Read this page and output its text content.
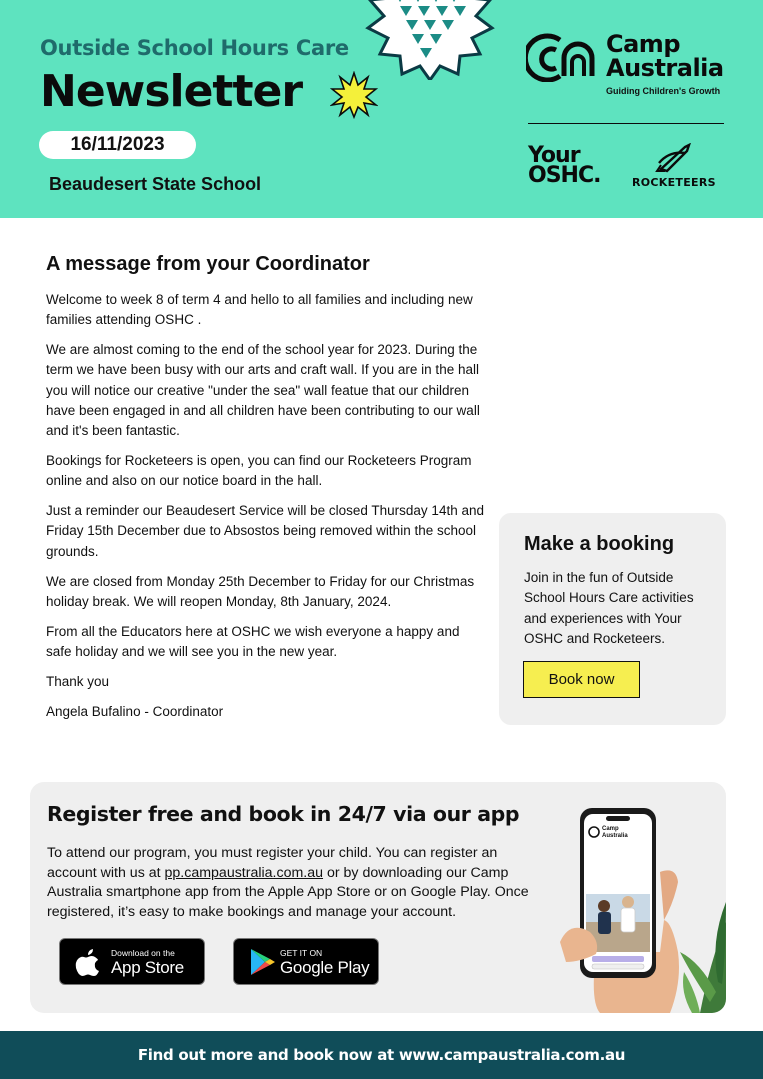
Outside School Hours Care
Newsletter
16/11/2023
Beaudesert State School
Camp
Australia
Guiding Children's Growth
Your
OSHC.	ROCKETEERS
A message from your Coordinator

Welcome to week 8 of term 4 and hello to all families and including new families attending OSHC .

We are almost coming to the end of the school year for 2023. During the term we have been busy with our arts and craft wall. If you are in the hall you will notice our creative "under the sea" wall featue that our children have been engaged in and all children have been contributing to our wall and it's been fantastic.

Bookings for Rocketeers is open, you can find our Rocketeers Program online and also on our notice board in the hall.

Just a reminder our Beaudesert Service will be closed Thursday 14th and Friday 15th December due to Absostos being removed within the school grounds.

We are closed from Monday 25th December to Friday for our Christmas holiday break. We will reopen Monday, 8th January, 2024.

From all the Educators here at OSHC we wish everyone a happy and safe holiday and we will see you in the new year.

Thank you

Angela Bufalino - Coordinator

Make a booking
Join in the fun of Outside School Hours Care activities and experiences with Your OSHC and Rocketeers.
Book now
Register free and book in 24/7 via our app
To attend our program, you must register your child. You can register an account with us at pp.campaustralia.com.au or by downloading our Camp Australia smartphone app from the Apple App Store or on Google Play. Once registered, it’s easy to make bookings and manage your account.
Download on the
App Store
GET IT ON
Google Play
Camp
Australia
Find out more and book now at www.campaustralia.com.au
